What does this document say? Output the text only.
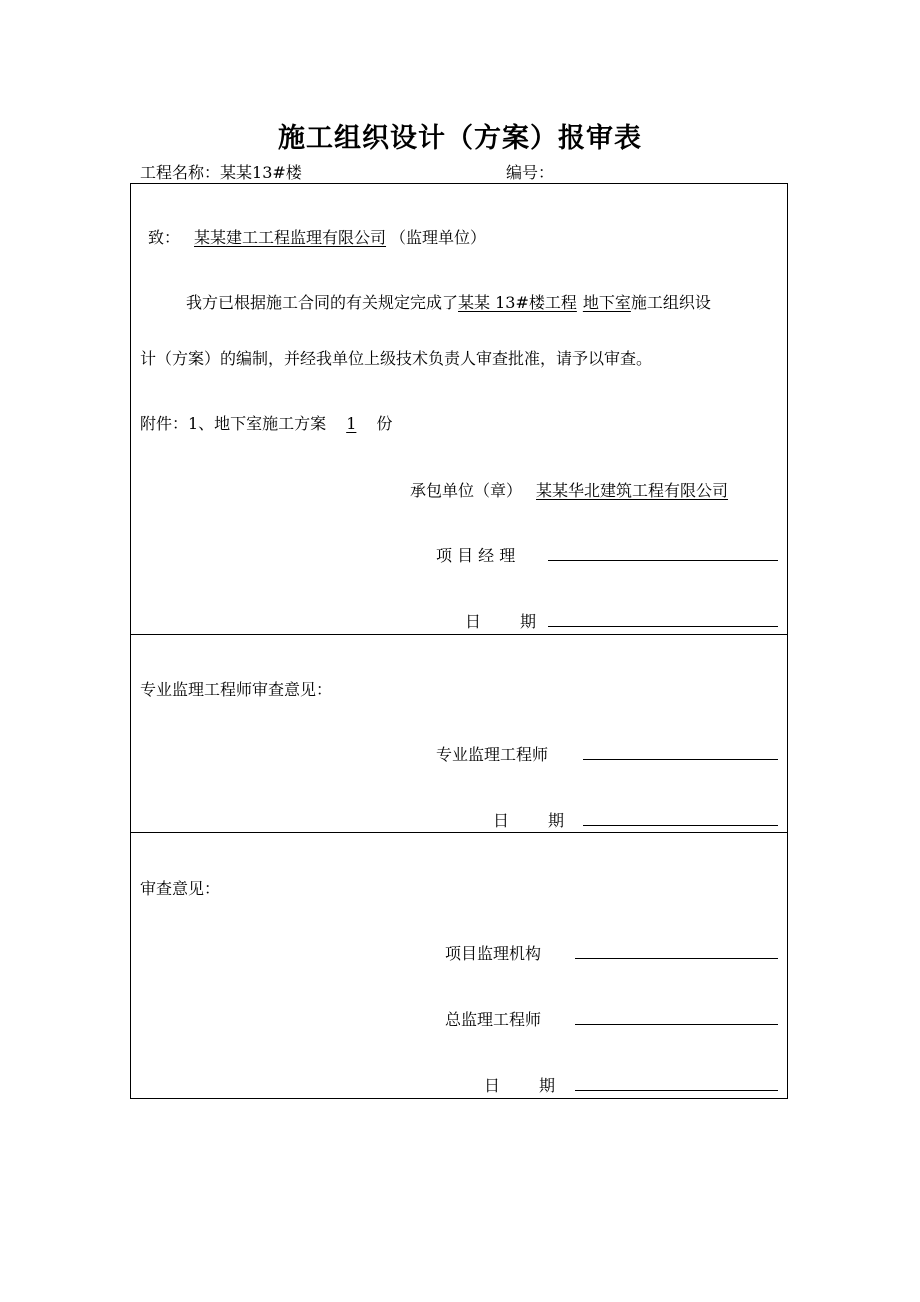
施工组织设计（方案）报审表
工程名称：某某13#楼	编号：
致： 某某建工工程监理有限公司 （监理单位）
我方已根据施工合同的有关规定完成了某某 13#楼工程 地下室施工组织设
计（方案）的编制，并经我单位上级技术负责人审查批准，请予以审查。
附件：1、地下室施工方案 1 份
承包单位（章） 某某华北建筑工程有限公司
项 目 经 理
日 期
专业监理工程师审查意见：
专业监理工程师
日 期
审查意见：
项目监理机构
总监理工程师
日 期
